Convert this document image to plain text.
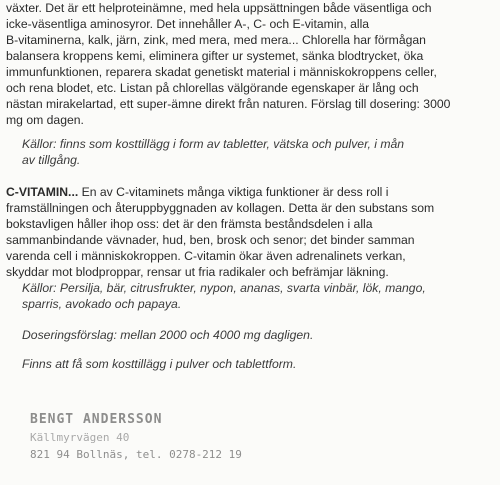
växter. Det är ett helproteinämne, med hela uppsättningen både väsentliga och
icke-väsentliga aminosyror. Det innehåller A-, C- och E-vitamin, alla
B-vitaminerna, kalk, järn, zink, med mera, med mera... Chlorella har förmågan
balansera kroppens kemi, eliminera gifter ur systemet, sänka blodtrycket, öka
immunfunktionen, reparera skadat genetiskt material i människokroppens celler,
och rena blodet, etc. Listan på chlorellas välgörande egenskaper är lång och
nästan mirakelartad, ett super-ämne direkt från naturen. Förslag till dosering: 3000
mg om dagen.

Källor: finns som kosttillägg i form av tabletter, vätska och pulver, i mån
av tillgång.

C-VITAMIN... En av C-vitaminets många viktiga funktioner är dess roll i
framställningen och återuppbyggnaden av kollagen. Detta är den substans som
bokstavligen håller ihop oss: det är den främsta beståndsdelen i alla
sammanbindande vävnader, hud, ben, brosk och senor; det binder samman
varenda cell i människokroppen. C-vitamin ökar även adrenalinets verkan,
skyddar mot blodproppar, rensar ut fria radikaler och befrämjar läkning.

Källor: Persilja, bär, citrusfrukter, nypon, ananas, svarta vinbär, lök, mango,
sparris, avokado och papaya.

Doseringsförslag: mellan 2000 och 4000 mg dagligen.

Finns att få som kosttillägg i pulver och tablettform.

BENGT ANDERSSON
Källmyrvägen 40
821 94 Bollnäs, tel. 0278-212 19
